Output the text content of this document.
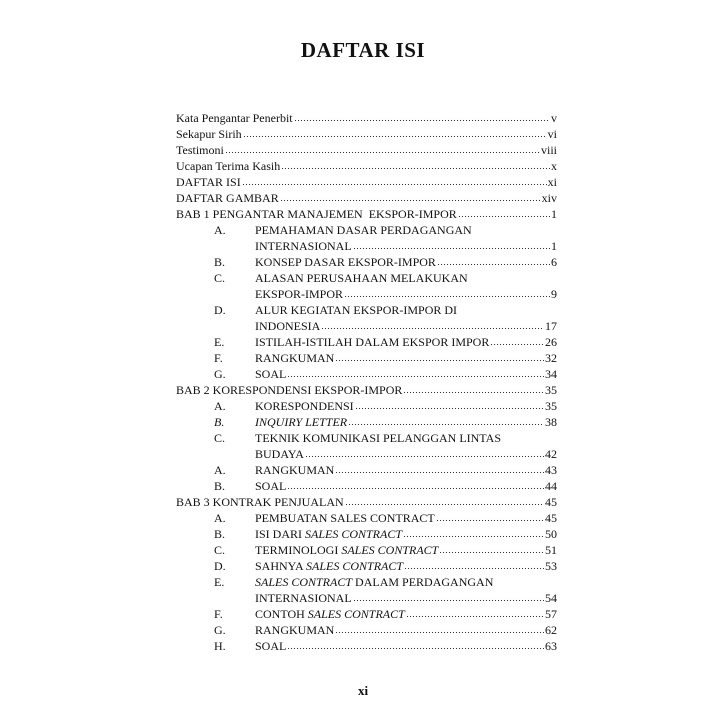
DAFTAR ISI
Kata Pengantar Penerbit	v
Sekapur Sirih	vi
Testimoni	viii
Ucapan Terima Kasih	x
DAFTAR ISI	xi
DAFTAR GAMBAR	xiv
BAB 1 PENGANTAR MANAJEMEN  EKSPOR-IMPOR	1
A.	PEMAHAMAN DASAR PERDAGANGAN
INTERNASIONAL	1
B.	KONSEP DASAR EKSPOR-IMPOR	6
C.	ALASAN PERUSAHAAN MELAKUKAN
EKSPOR-IMPOR	9
D.	ALUR KEGIATAN EKSPOR-IMPOR DI
INDONESIA	17
E.	ISTILAH-ISTILAH DALAM EKSPOR IMPOR	26
F.	RANGKUMAN	32
G.	SOAL	34
BAB 2 KORESPONDENSI EKSPOR-IMPOR	35
A.	KORESPONDENSI	35
B.	INQUIRY LETTER	38
C.	TEKNIK KOMUNIKASI PELANGGAN LINTAS
BUDAYA	42
A.	RANGKUMAN	43
B.	SOAL	44
BAB 3 KONTRAK PENJUALAN	45
A.	PEMBUATAN SALES CONTRACT	45
B.	ISI DARI SALES CONTRACT	50
C.	TERMINOLOGI SALES CONTRACT	51
D.	SAHNYA SALES CONTRACT	53
E.	SALES CONTRACT DALAM PERDAGANGAN
INTERNASIONAL	54
F.	CONTOH SALES CONTRACT	57
G.	RANGKUMAN	62
H.	SOAL	63
xi
